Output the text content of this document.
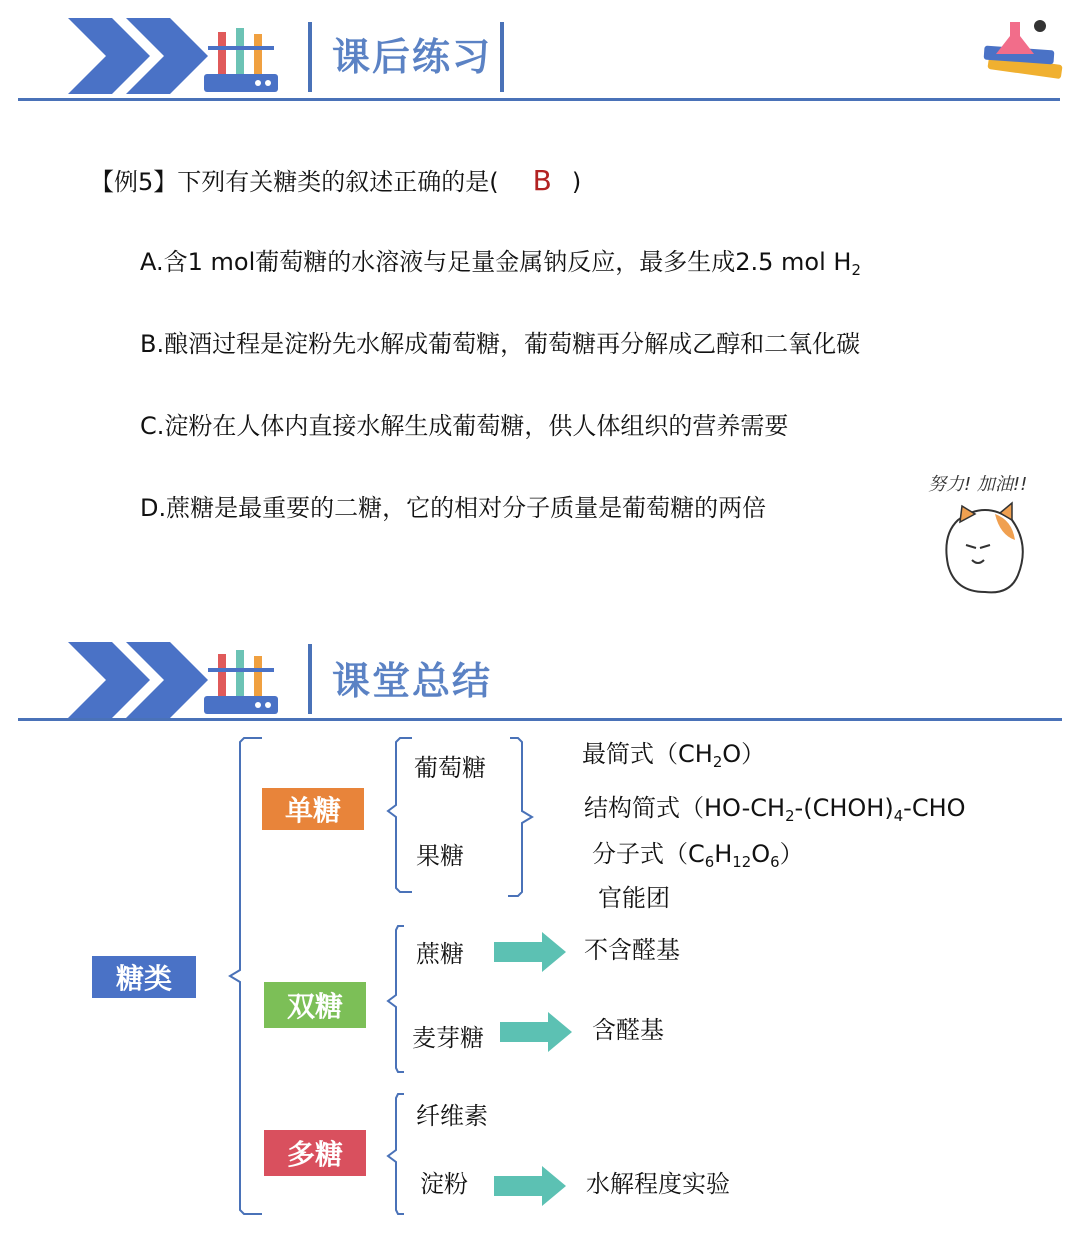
课后练习
【例5】下列有关糖类的叙述正确的是( B )
A.含1 mol葡萄糖的水溶液与足量金属钠反应，最多生成2.5 mol $H_2$
B.酿酒过程是淀粉先水解成葡萄糖，葡萄糖再分解成乙醇和二氧化碳
C.淀粉在人体内直接水解生成葡萄糖，供人体组织的营养需要
D.蔗糖是最重要的二糖，它的相对分子质量是葡萄糖的两倍
努力! 加油!!
课堂总结
糖类
单糖
双糖
多糖
葡萄糖
果糖
最简式$(CH_2O)$
结构简式（$HO-CH_2-(CHOH)_4$-CHO
分子式$(C_6H_{12}O_6)$
官能团
蔗糖
麦芽糖
不含醛基
含醛基
纤维素
淀粉	水解程度实验
